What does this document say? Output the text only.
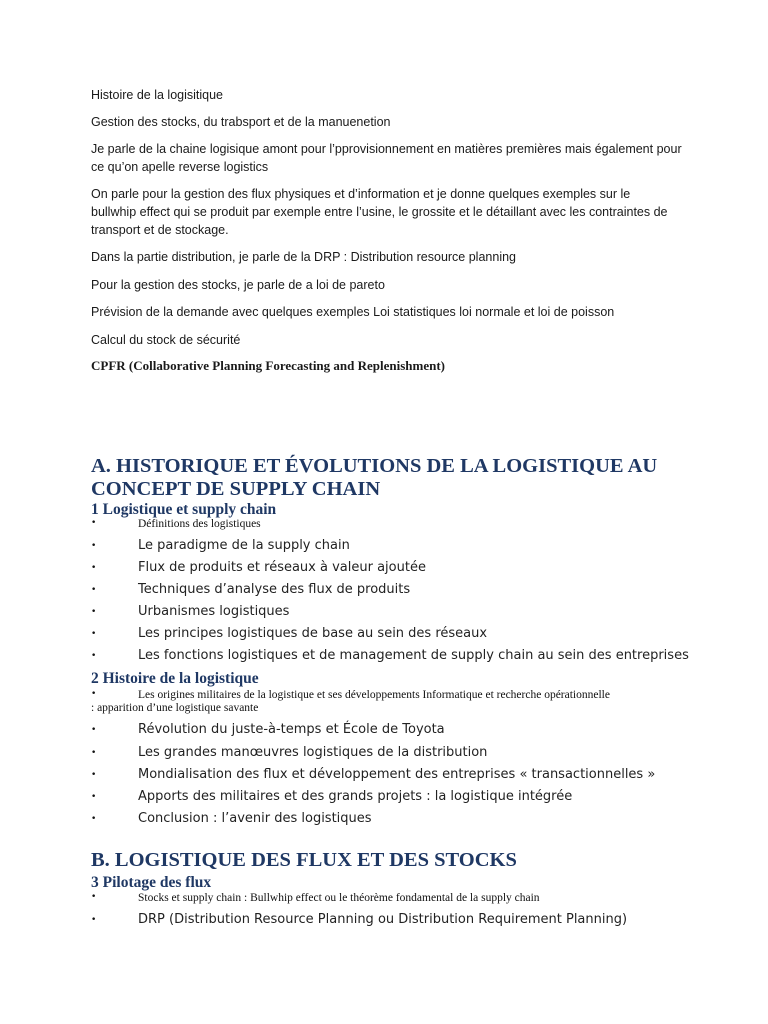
Histoire de la logisitique

Gestion des stocks, du trabsport et de la manuenetion

Je parle de la chaine logisique amont pour l’pprovisionnement en matières premières mais également pour ce qu’on apelle reverse logistics

On parle pour la gestion des flux physiques et d’information et je donne quelques exemples sur le bullwhip effect qui se produit par exemple entre l’usine, le grossite et le détaillant avec les contraintes de transport et de stockage.

Dans la partie distribution, je parle de la DRP : Distribution resource planning

Pour la gestion des stocks, je parle de a loi de pareto

Prévision de la demande avec quelques exemples Loi statistiques loi normale et loi de poisson

Calcul du stock de sécurité

CPFR (Collaborative Planning Forecasting and Replenishment)

A. HISTORIQUE ET ÉVOLUTIONS DE LA LOGISTIQUE AU CONCEPT DE SUPPLY CHAIN
1 Logistique et supply chain
•	Définitions des logistiques
•	Le paradigme de la supply chain
•	Flux de produits et réseaux à valeur ajoutée
•	Techniques d’analyse des flux de produits
•	Urbanismes logistiques
•	Les principes logistiques de base au sein des réseaux
•	Les fonctions logistiques et de management de supply chain au sein des entreprises
2 Histoire de la logistique
•	Les origines militaires de la logistique et ses développements Informatique et recherche opérationnelle : apparition d’une logistique savante
•	Révolution du juste-à-temps et École de Toyota
•	Les grandes manœuvres logistiques de la distribution
•	Mondialisation des flux et développement des entreprises « transactionnelles »
•	Apports des militaires et des grands projets : la logistique intégrée
•	Conclusion : l’avenir des logistiques
B. LOGISTIQUE DES FLUX ET DES STOCKS
3 Pilotage des flux
•	Stocks et supply chain : Bullwhip effect ou le théorème fondamental de la supply chain
•	DRP (Distribution Resource Planning ou Distribution Requirement Planning)
